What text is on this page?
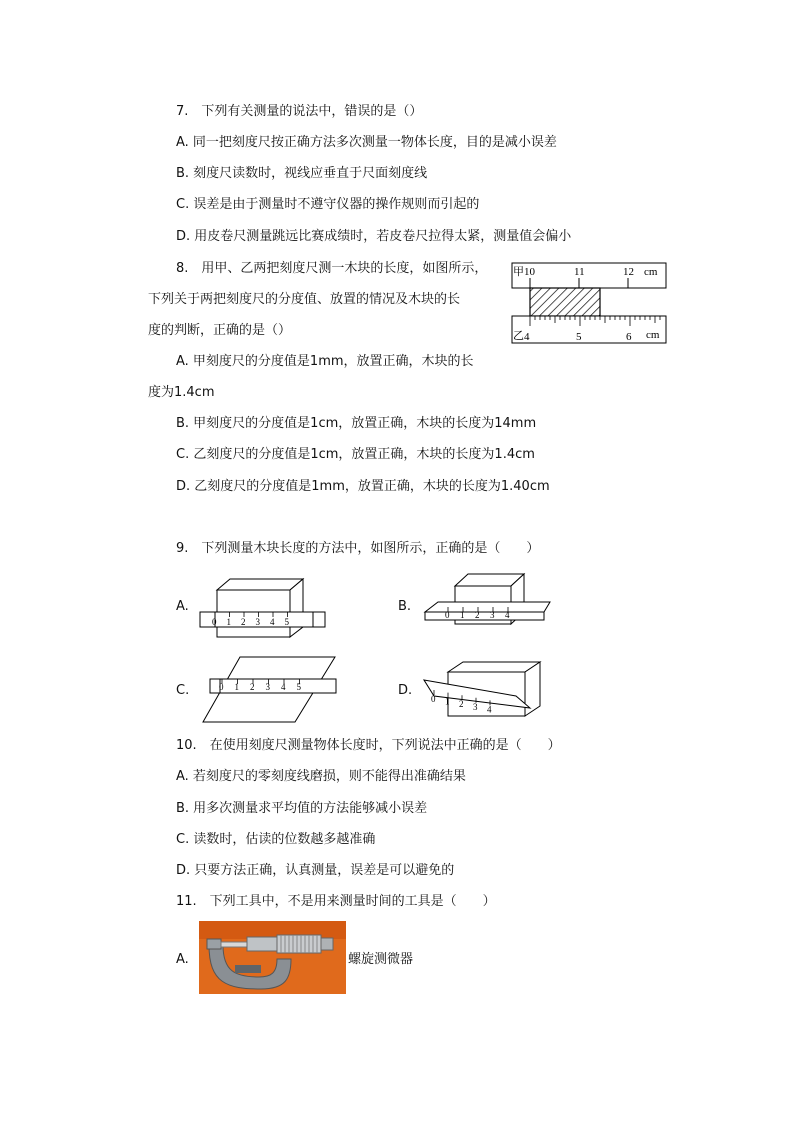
7.　下列有关测量的说法中，错误的是（）
A. 同一把刻度尺按正确方法多次测量一物体长度，目的是减小误差
B. 刻度尺读数时，视线应垂直于尺面刻度线
C. 误差是由于测量时不遵守仪器的操作规则而引起的
D. 用皮卷尺测量跳远比赛成绩时，若皮卷尺拉得太紧，测量值会偏小
8.　用甲、乙两把刻度尺测一木块的长度，如图所示，
下列关于两把刻度尺的分度值、放置的情况及木块的长
度的判断，正确的是（）
A. 甲刻度尺的分度值是1mm，放置正确，木块的长
度为1.4cm
B. 甲刻度尺的分度值是1cm，放置正确，木块的长度为14mm
C. 乙刻度尺的分度值是1cm，放置正确，木块的长度为1.4cm
D. 乙刻度尺的分度值是1mm，放置正确，木块的长度为1.40cm
甲 10	11	12 cm
乙 4	5	6 cm
9.　下列测量木块长度的方法中，如图所示，正确的是（　　）
A.	B.
C.	D.
0 1 2 3 4 5
0 1 2 3 4
0 1 2 3 4 5
0 1 2 3 4
10.　在使用刻度尺测量物体长度时，下列说法中正确的是（　　）
A. 若刻度尺的零刻度线磨损，则不能得出准确结果
B. 用多次测量求平均值的方法能够减小误差
C. 读数时，估读的位数越多越准确
D. 只要方法正确，认真测量，误差是可以避免的
11.　下列工具中，不是用来测量时间的工具是（　　）
A.	螺旋测微器
